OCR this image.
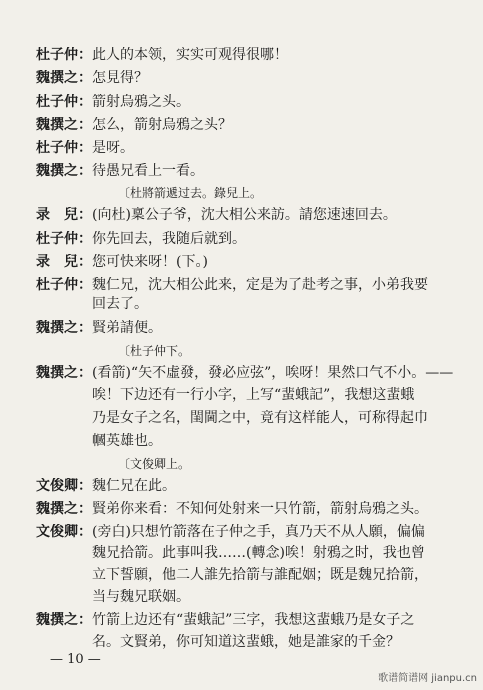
杜子仲：此人的本领，实实可观得很哪！
魏撰之：怎見得？
杜子仲：箭射烏鴉之头。
魏撰之：怎么，箭射烏鴉之头？
杜子仲：是呀。
魏撰之：待愚兄看上一看。
〔杜將箭遞过去。錄兒上。
录　兒：(向杜)稟公子爷，沈大相公来訪。請您速速回去。
杜子仲：你先回去，我随后就到。
录　兒：您可快来呀！(下。)
杜子仲：魏仁兄，沈大相公此来，定是为了赴考之事，小弟我要
回去了。
魏撰之：賢弟請便。
〔杜子仲下。
魏撰之：(看箭)“矢不虛發，發必应弦”，唉呀！果然口气不小。——
唉！下边还有一行小字，上写“蜚蛾記”，我想这蜚蛾
乃是女子之名，閨閫之中，竟有这样能人，可称得起巾
幗英雄也。
〔文俊卿上。
文俊卿：魏仁兄在此。
魏撰之：賢弟你来看：不知何处射来一只竹箭，箭射烏鴉之头。
文俊卿：(旁白)只想竹箭落在子仲之手，真乃天不从人願，偏偏
魏兄拾箭。此事叫我……(轉念)唉！射鴉之时，我也曾
立下誓願，他二人誰先拾箭与誰配姻；既是魏兄拾箭，
当与魏兄联姻。
魏撰之：竹箭上边还有“蜚蛾記”三字，我想这蜚蛾乃是女子之
名。文賢弟，你可知道这蜚蛾，她是誰家的千金？
— 10 —
歌谱简谱网 jianpu.cn
